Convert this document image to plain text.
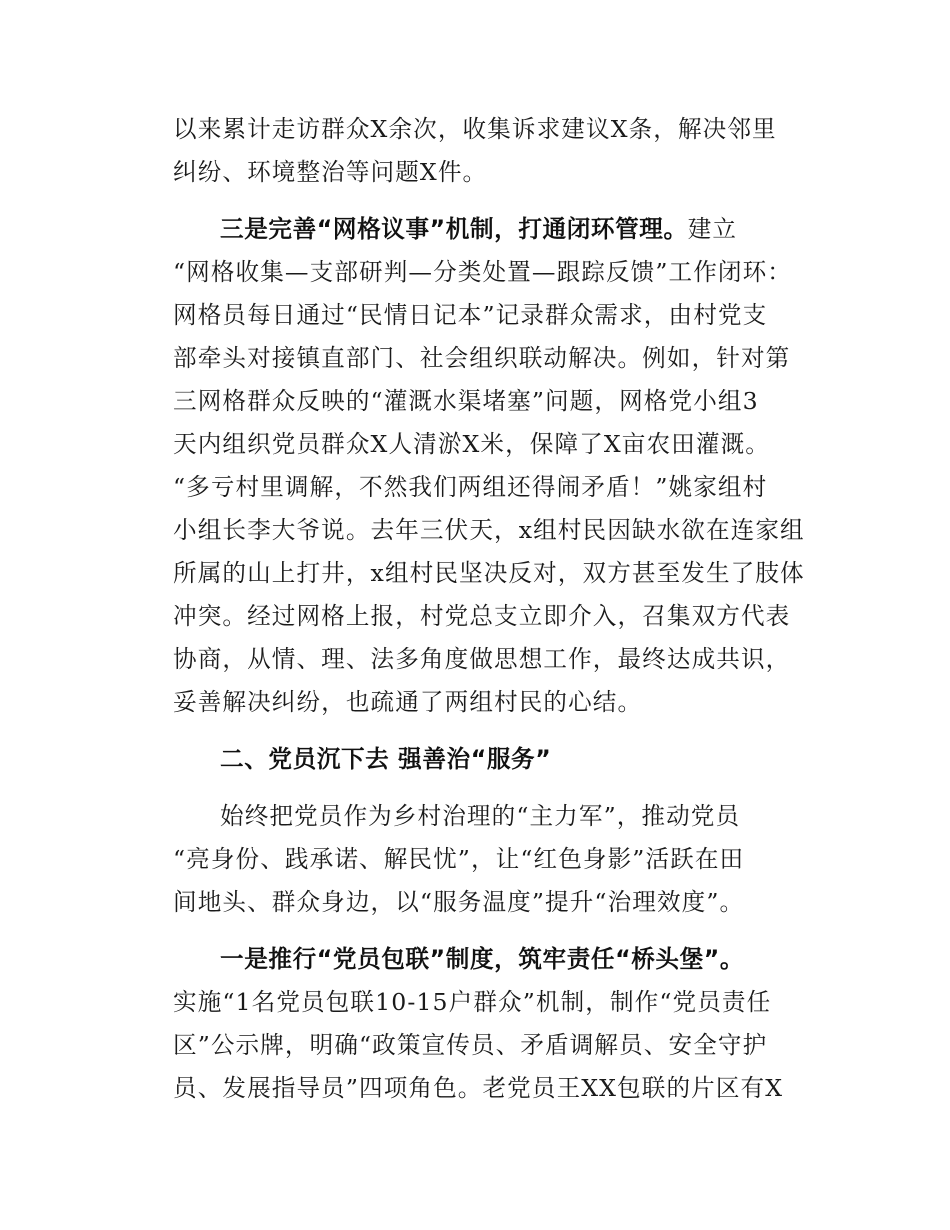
以来累计走访群众X余次，收集诉求建议X条，解决邻里
纠纷、环境整治等问题X件。
三是完善“网格议事”机制，打通闭环管理。建立
“网格收集—支部研判—分类处置—跟踪反馈”工作闭环：
网格员每日通过“民情日记本”记录群众需求，由村党支
部牵头对接镇直部门、社会组织联动解决。例如，针对第
三网格群众反映的“灌溉水渠堵塞”问题，网格党小组3
天内组织党员群众X人清淤X米，保障了X亩农田灌溉。
“多亏村里调解，不然我们两组还得闹矛盾！”姚家组村
小组长李大爷说。去年三伏天，x组村民因缺水欲在连家组
所属的山上打井，x组村民坚决反对，双方甚至发生了肢体
冲突。经过网格上报，村党总支立即介入，召集双方代表
协商，从情、理、法多角度做思想工作，最终达成共识，
妥善解决纠纷，也疏通了两组村民的心结。
二、党员沉下去 强善治“服务”
始终把党员作为乡村治理的“主力军”，推动党员
“亮身份、践承诺、解民忧”，让“红色身影”活跃在田
间地头、群众身边，以“服务温度”提升“治理效度”。
一是推行“党员包联”制度，筑牢责任“桥头堡”。
实施“1名党员包联10-15户群众”机制，制作“党员责任
区”公示牌，明确“政策宣传员、矛盾调解员、安全守护
员、发展指导员”四项角色。老党员王XX包联的片区有X
